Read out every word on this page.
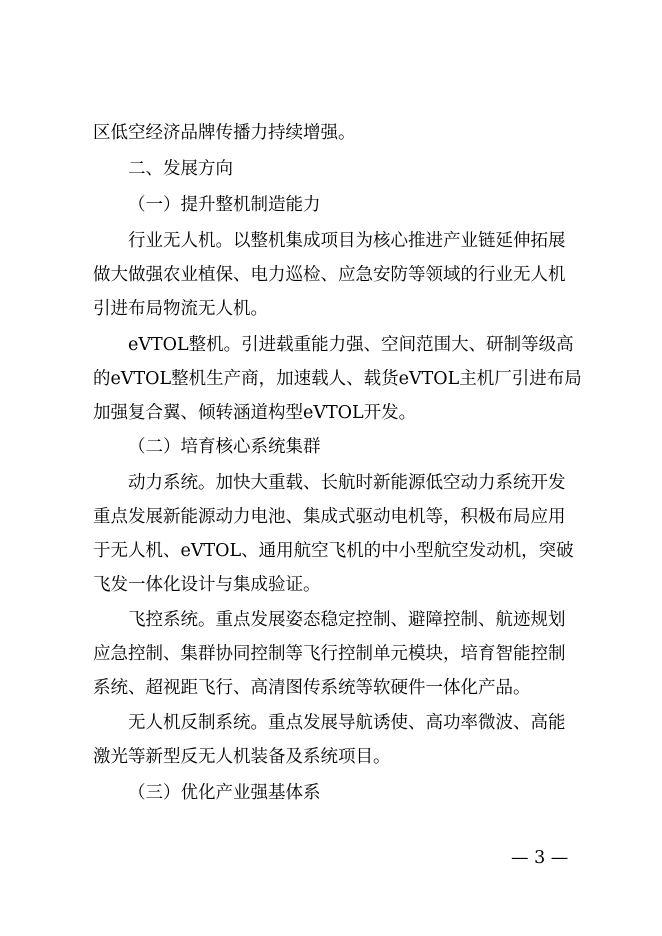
区低空经济品牌传播力持续增强。
二、发展方向
（一）提升整机制造能力
行业无人机。以整机集成项目为核心推进产业链延伸拓展
做大做强农业植保、电力巡检、应急安防等领域的行业无人机
引进布局物流无人机。
eVTOL整机。引进载重能力强、空间范围大、研制等级高
的eVTOL整机生产商，加速载人、载货eVTOL主机厂引进布局
加强复合翼、倾转涵道构型eVTOL开发。
（二）培育核心系统集群
动力系统。加快大重载、长航时新能源低空动力系统开发
重点发展新能源动力电池、集成式驱动电机等，积极布局应用
于无人机、eVTOL、通用航空飞机的中小型航空发动机，突破
飞发一体化设计与集成验证。
飞控系统。重点发展姿态稳定控制、避障控制、航迹规划
应急控制、集群协同控制等飞行控制单元模块，培育智能控制
系统、超视距飞行、高清图传系统等软硬件一体化产品。
无人机反制系统。重点发展导航诱使、高功率微波、高能
激光等新型反无人机装备及系统项目。
（三）优化产业强基体系
— 3 —
